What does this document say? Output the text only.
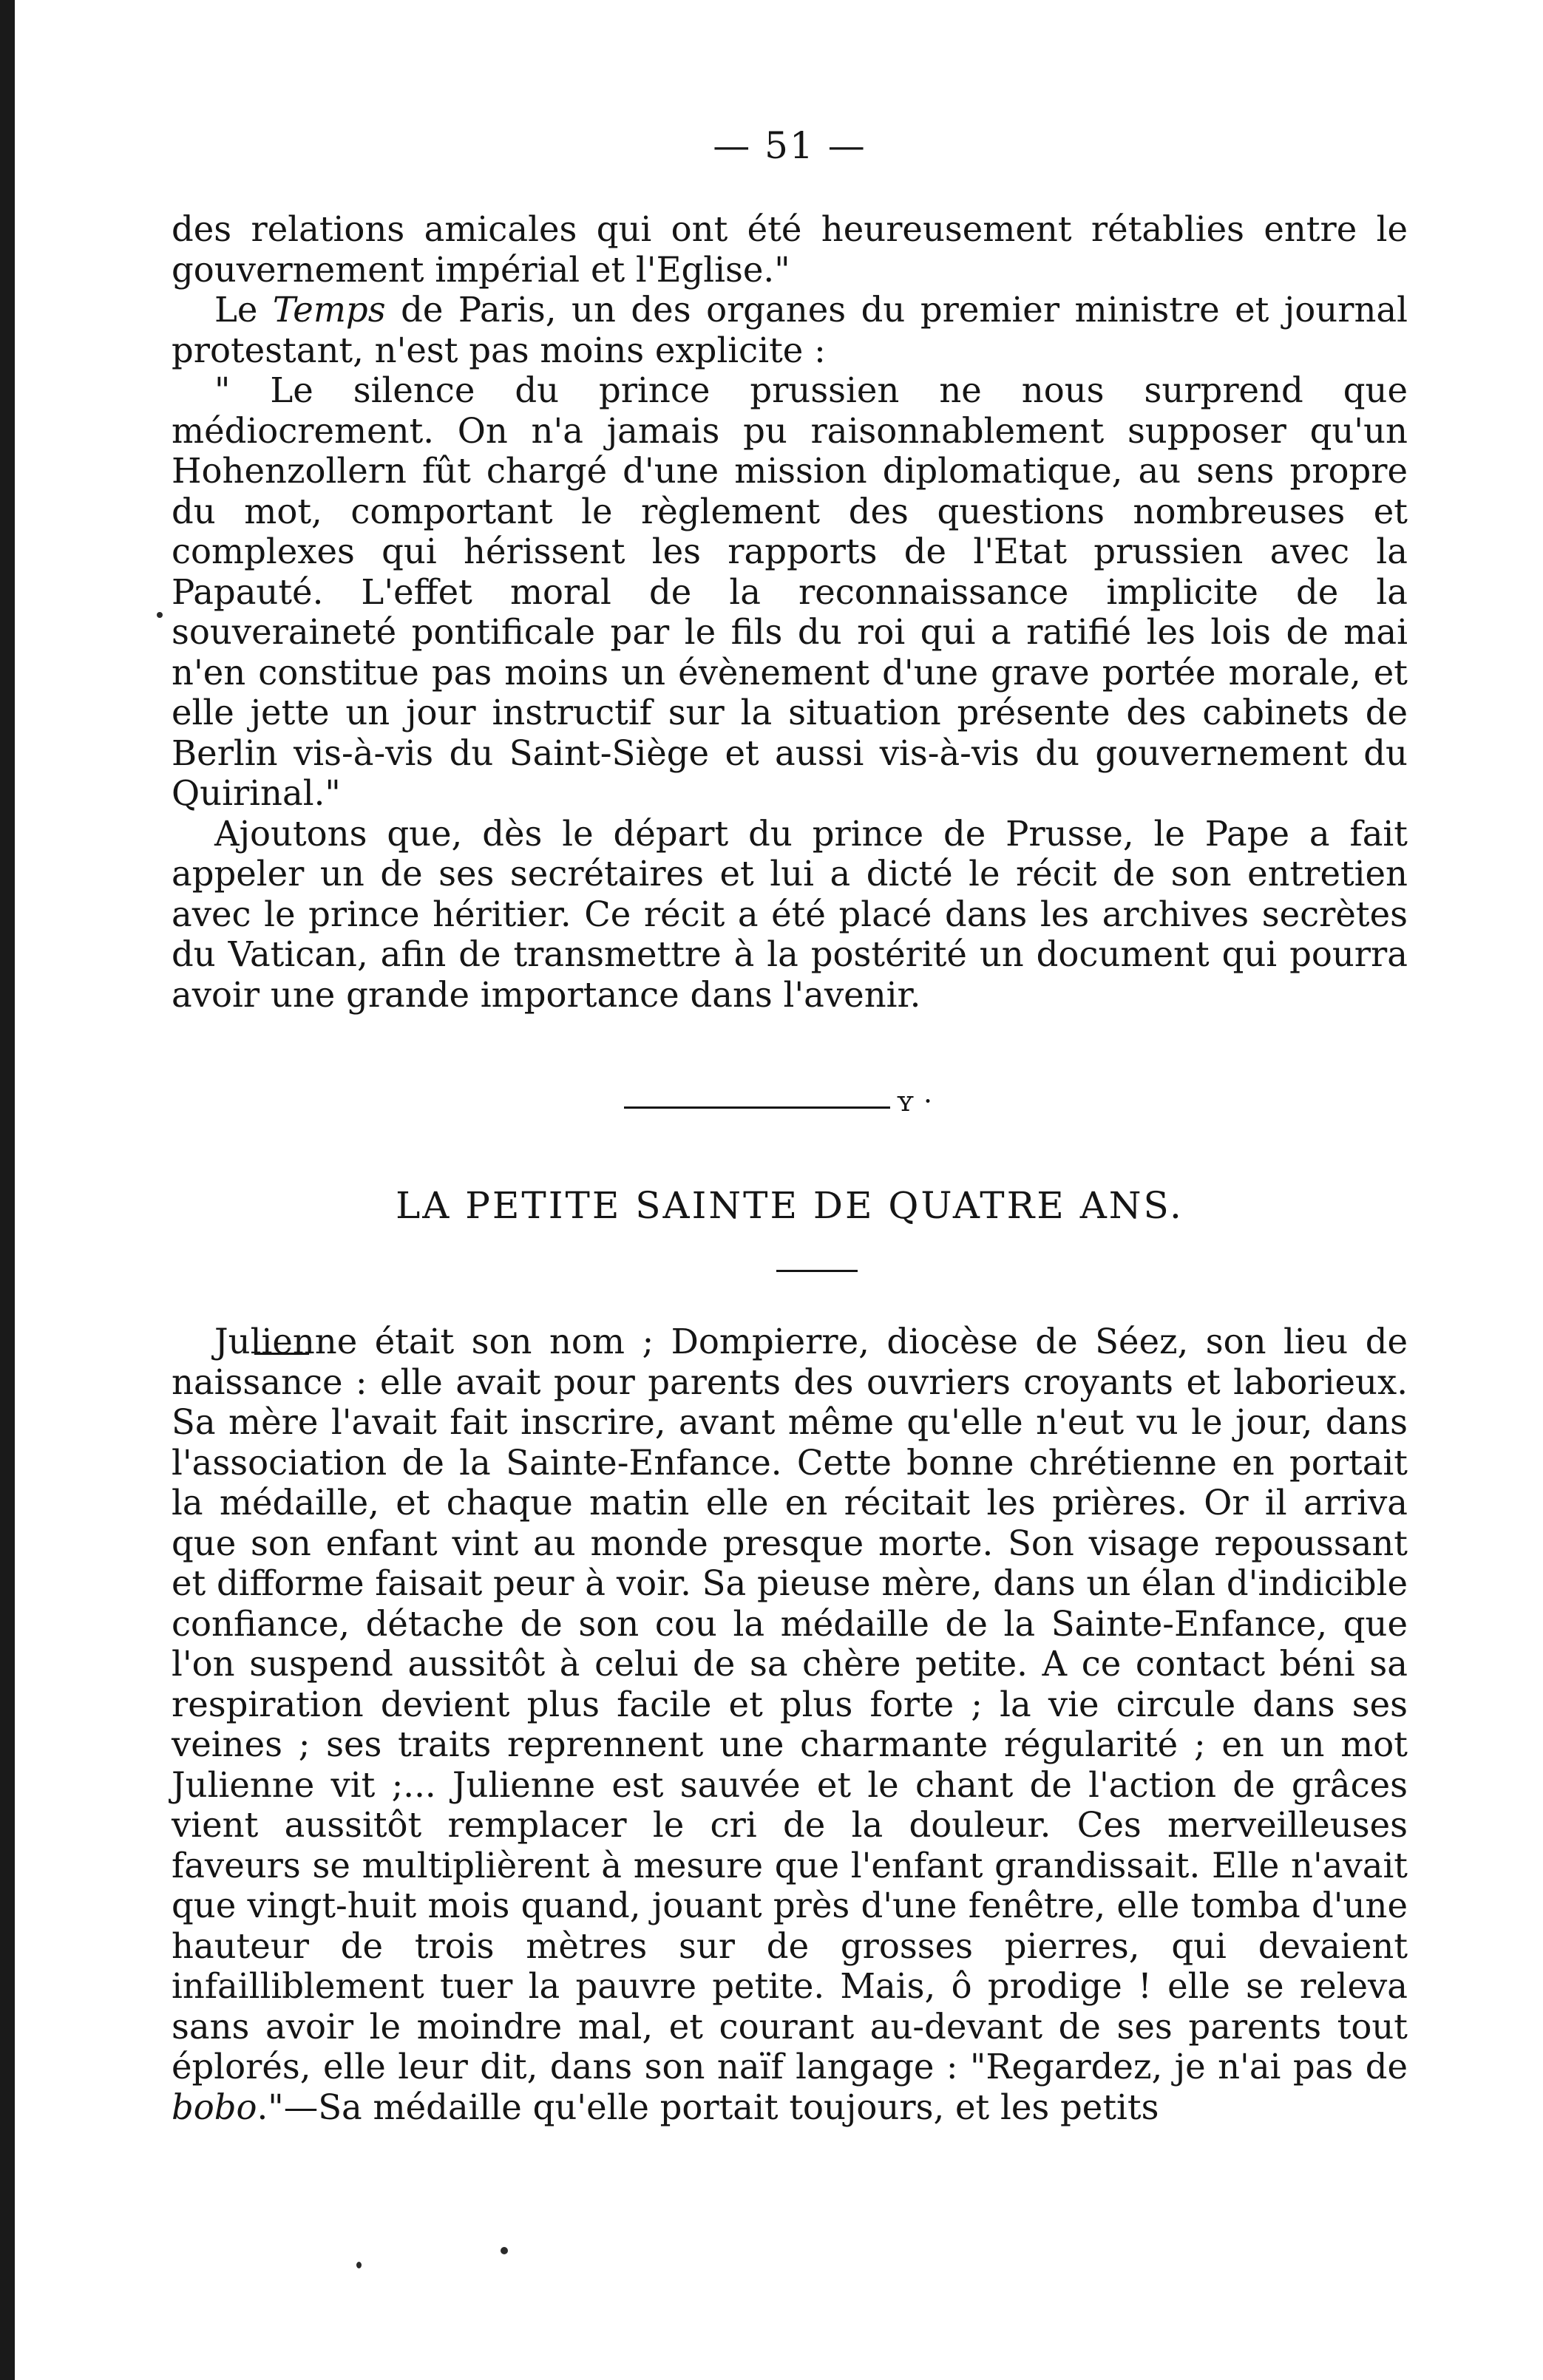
— 51 —

des relations amicales qui ont été heureusement rétablies entre le gouvernement impérial et l'Eglise."

Le Temps de Paris, un des organes du premier ministre et journal protestant, n'est pas moins explicite :

" Le silence du prince prussien ne nous surprend que médiocrement. On n'a jamais pu raisonnablement supposer qu'un Hohenzollern fût chargé d'une mission diplomatique, au sens propre du mot, comportant le règlement des questions nombreuses et complexes qui hérissent les rapports de l'Etat prussien avec la Papauté. L'effet moral de la reconnaissance implicite de la souveraineté pontificale par le fils du roi qui a ratifié les lois de mai n'en constitue pas moins un évènement d'une grave portée morale, et elle jette un jour instructif sur la situation présente des cabinets de Berlin vis-à-vis du Saint-Siège et aussi vis-à-vis du gouvernement du Quirinal."

Ajoutons que, dès le départ du prince de Prusse, le Pape a fait appeler un de ses secrétaires et lui a dicté le récit de son entretien avec le prince héritier. Ce récit a été placé dans les archives secrètes du Vatican, afin de transmettre à la postérité un document qui pourra avoir une grande importance dans l'avenir.

ʏ ·
LA PETITE SAINTE DE QUATRE ANS.

Julienne était son nom ; Dompierre, diocèse de Séez, son lieu de naissance : elle avait pour parents des ouvriers croyants et laborieux. Sa mère l'avait fait inscrire, avant même qu'elle n'eut vu le jour, dans l'association de la Sainte-Enfance. Cette bonne chrétienne en portait la médaille, et chaque matin elle en récitait les prières. Or il arriva que son enfant vint au monde presque morte. Son visage repoussant et difforme faisait peur à voir. Sa pieuse mère, dans un élan d'indicible confiance, détache de son cou la médaille de la Sainte-Enfance, que l'on suspend aussitôt à celui de sa chère petite. A ce contact béni sa respiration devient plus facile et plus forte ; la vie circule dans ses veines ; ses traits reprennent une charmante régularité ; en un mot Julienne vit ;... Julienne est sauvée et le chant de l'action de grâces vient aussitôt remplacer le cri de la douleur. Ces merveilleuses faveurs se multiplièrent à mesure que l'enfant grandissait. Elle n'avait que vingt-huit mois quand, jouant près d'une fenêtre, elle tomba d'une hauteur de trois mètres sur de grosses pierres, qui devaient infailliblement tuer la pauvre petite. Mais, ô prodige ! elle se releva sans avoir le moindre mal, et courant au-devant de ses parents tout éplorés, elle leur dit, dans son naïf langage : "Regardez, je n'ai pas de bobo."—Sa médaille qu'elle portait toujours, et les petits
